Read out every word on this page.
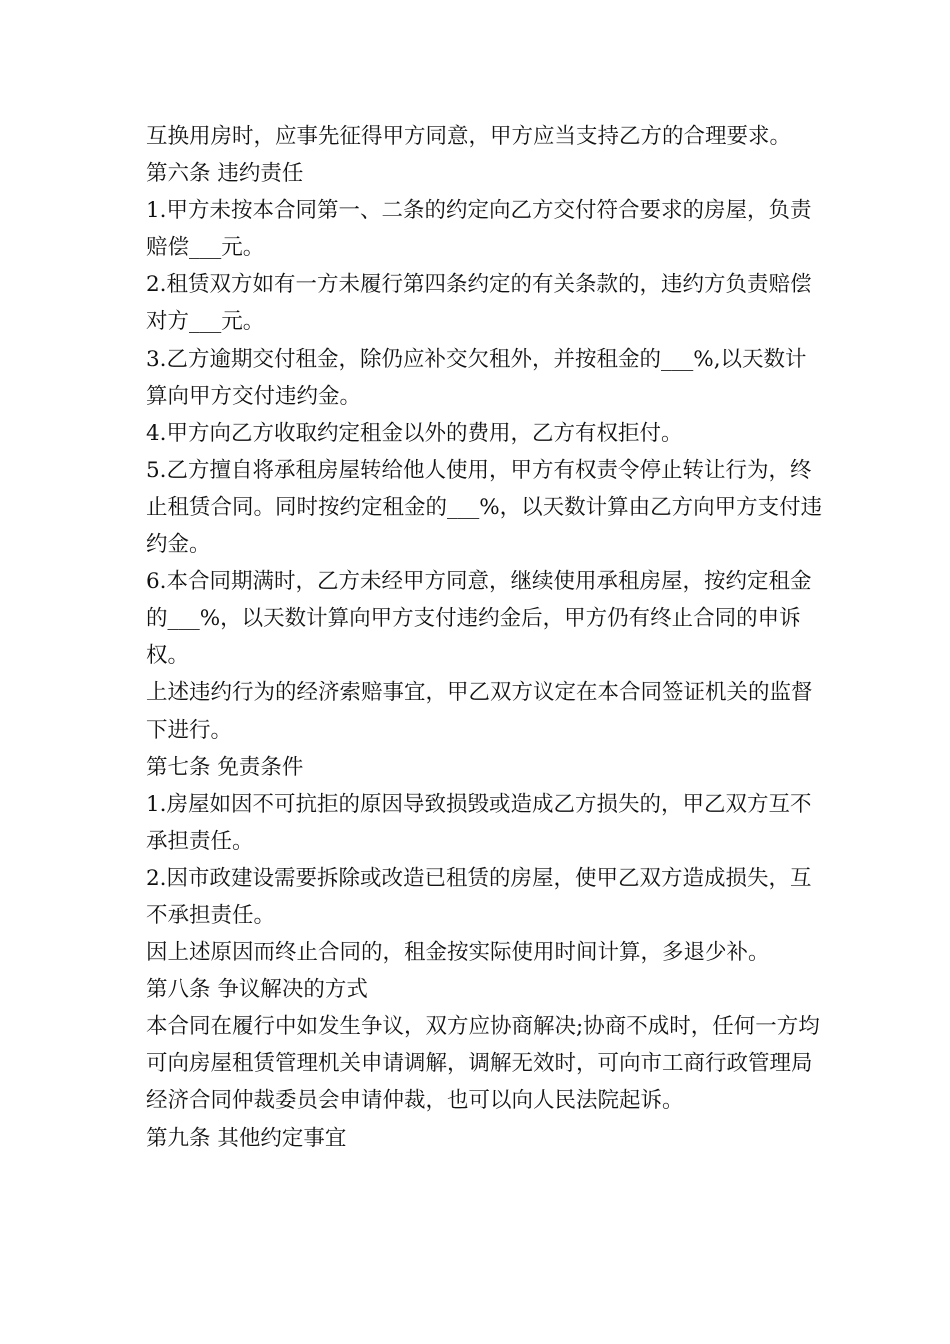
互换用房时，应事先征得甲方同意，甲方应当支持乙方的合理要求。

第六条 违约责任

1.甲方未按本合同第一、二条的约定向乙方交付符合要求的房屋，负责赔偿___元。

2.租赁双方如有一方未履行第四条约定的有关条款的，违约方负责赔偿对方___元。

3.乙方逾期交付租金，除仍应补交欠租外，并按租金的___%,以天数计算向甲方交付违约金。

4.甲方向乙方收取约定租金以外的费用，乙方有权拒付。

5.乙方擅自将承租房屋转给他人使用，甲方有权责令停止转让行为，终止租赁合同。同时按约定租金的___%，以天数计算由乙方向甲方支付违约金。

6.本合同期满时，乙方未经甲方同意，继续使用承租房屋，按约定租金的___%，以天数计算向甲方支付违约金后，甲方仍有终止合同的申诉权。

上述违约行为的经济索赔事宜，甲乙双方议定在本合同签证机关的监督下进行。

第七条 免责条件

1.房屋如因不可抗拒的原因导致损毁或造成乙方损失的，甲乙双方互不承担责任。

2.因市政建设需要拆除或改造已租赁的房屋，使甲乙双方造成损失，互不承担责任。

因上述原因而终止合同的，租金按实际使用时间计算，多退少补。

第八条 争议解决的方式

本合同在履行中如发生争议，双方应协商解决;协商不成时，任何一方均可向房屋租赁管理机关申请调解，调解无效时，可向市工商行政管理局经济合同仲裁委员会申请仲裁，也可以向人民法院起诉。

第九条 其他约定事宜
